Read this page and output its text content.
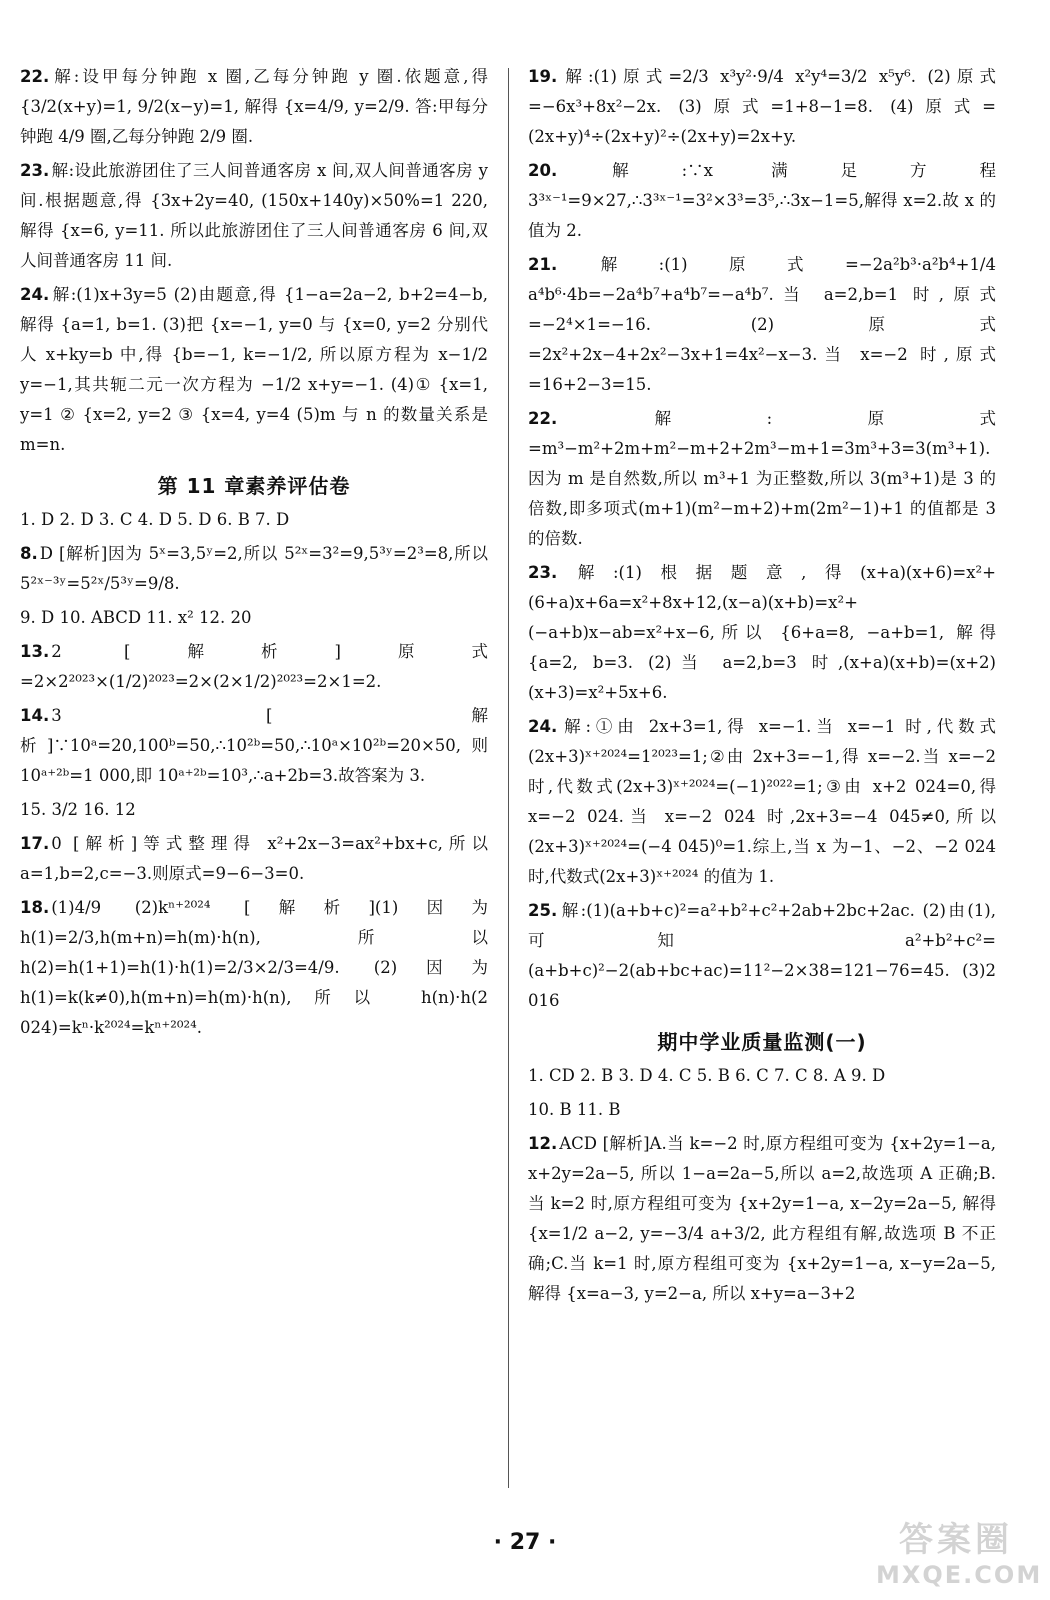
22. 解:设甲每分钟跑 x 圈,乙每分钟跑 y 圈.依题意,得 {3/2(x+y)=1, 9/2(x−y)=1, 解得 {x=4/9, y=2/9. 答:甲每分钟跑 4/9 圈,乙每分钟跑 2/9 圈.

23. 解:设此旅游团住了三人间普通客房 x 间,双人间普通客房 y 间.根据题意,得 {3x+2y=40, (150x+140y)×50%=1 220, 解得 {x=6, y=11. 所以此旅游团住了三人间普通客房 6 间,双人间普通客房 11 间.

24. 解:(1)x+3y=5 (2)由题意,得 {1−a=2a−2, b+2=4−b, 解得 {a=1, b=1. (3)把 {x=−1, y=0 与 {x=0, y=2 分别代人 x+ky=b 中,得 {b=−1, k=−1/2, 所以原方程为 x−1/2 y=−1,其共轭二元一次方程为 −1/2 x+y=−1. (4)① {x=1, y=1 ② {x=2, y=2 ③ {x=4, y=4 (5)m 与 n 的数量关系是 m=n.

第 11 章素养评估卷

1. D 2. D 3. C 4. D 5. D 6. B 7. D

8. D [解析]因为 5ˣ=3,5ʸ=2,所以 5²ˣ=3²=9,5³ʸ=2³=8,所以 5²ˣ⁻³ʸ=5²ˣ/5³ʸ=9/8.

9. D 10. ABCD 11. x² 12. 20

13. 2 [解析]原式=2×2²⁰²³×(1/2)²⁰²³=2×(2×1/2)²⁰²³=2×1=2.

14. 3 [解析]∵10ᵃ=20,100ᵇ=50,∴10²ᵇ=50,∴10ᵃ×10²ᵇ=20×50,则 10ᵃ⁺²ᵇ=1 000,即 10ᵃ⁺²ᵇ=10³,∴a+2b=3.故答案为 3.

15. 3/2 16. 12

17. 0 [解析]等式整理得 x²+2x−3=ax²+bx+c,所以 a=1,b=2,c=−3.则原式=9−6−3=0.

18. (1)4/9 (2)kⁿ⁺²⁰²⁴ [解析](1)因为 h(1)=2/3,h(m+n)=h(m)·h(n),所以 h(2)=h(1+1)=h(1)·h(1)=2/3×2/3=4/9. (2)因为 h(1)=k(k≠0),h(m+n)=h(m)·h(n),所以 h(n)·h(2 024)=kⁿ·k²⁰²⁴=kⁿ⁺²⁰²⁴.

19. 解:(1)原式=2/3 x³y²·9/4 x²y⁴=3/2 x⁵y⁶. (2)原式=−6x³+8x²−2x. (3)原式=1+8−1=8. (4)原式=(2x+y)⁴÷(2x+y)²÷(2x+y)=2x+y.

20. 解:∵x 满足方程 3³ˣ⁻¹=9×27,∴3³ˣ⁻¹=3²×3³=3⁵,∴3x−1=5,解得 x=2.故 x 的值为 2.

21. 解:(1)原式=−2a²b³·a²b⁴+1/4 a⁴b⁶·4b=−2a⁴b⁷+a⁴b⁷=−a⁴b⁷.当 a=2,b=1 时,原式=−2⁴×1=−16. (2)原式=2x²+2x−4+2x²−3x+1=4x²−x−3.当 x=−2 时,原式=16+2−3=15.

22. 解:原式=m³−m²+2m+m²−m+2+2m³−m+1=3m³+3=3(m³+1).因为 m 是自然数,所以 m³+1 为正整数,所以 3(m³+1)是 3 的倍数,即多项式(m+1)(m²−m+2)+m(2m²−1)+1 的值都是 3 的倍数.

23. 解:(1)根据题意,得(x+a)(x+6)=x²+(6+a)x+6a=x²+8x+12,(x−a)(x+b)=x²+(−a+b)x−ab=x²+x−6,所以 {6+a=8, −a+b=1, 解得 {a=2, b=3. (2)当 a=2,b=3 时,(x+a)(x+b)=(x+2)(x+3)=x²+5x+6.

24. 解:①由 2x+3=1,得 x=−1.当 x=−1 时,代数式(2x+3)ˣ⁺²⁰²⁴=1²⁰²³=1;②由 2x+3=−1,得 x=−2.当 x=−2 时,代数式(2x+3)ˣ⁺²⁰²⁴=(−1)²⁰²²=1;③由 x+2 024=0,得 x=−2 024.当 x=−2 024 时,2x+3=−4 045≠0,所以(2x+3)ˣ⁺²⁰²⁴=(−4 045)⁰=1.综上,当 x 为−1、−2、−2 024 时,代数式(2x+3)ˣ⁺²⁰²⁴ 的值为 1.

25. 解:(1)(a+b+c)²=a²+b²+c²+2ab+2bc+2ac. (2)由(1),可知 a²+b²+c²=(a+b+c)²−2(ab+bc+ac)=11²−2×38=121−76=45. (3)2 016

期中学业质量监测(一)

1. CD 2. B 3. D 4. C 5. B 6. C 7. C 8. A 9. D

10. B 11. B

12. ACD [解析]A.当 k=−2 时,原方程组可变为 {x+2y=1−a, x+2y=2a−5, 所以 1−a=2a−5,所以 a=2,故选项 A 正确;B.当 k=2 时,原方程组可变为 {x+2y=1−a, x−2y=2a−5, 解得 {x=1/2 a−2, y=−3/4 a+3/2, 此方程组有解,故选项 B 不正确;C.当 k=1 时,原方程组可变为 {x+2y=1−a, x−y=2a−5, 解得 {x=a−3, y=2−a, 所以 x+y=a−3+2

· 27 ·	答案圈
MXQE.COM
